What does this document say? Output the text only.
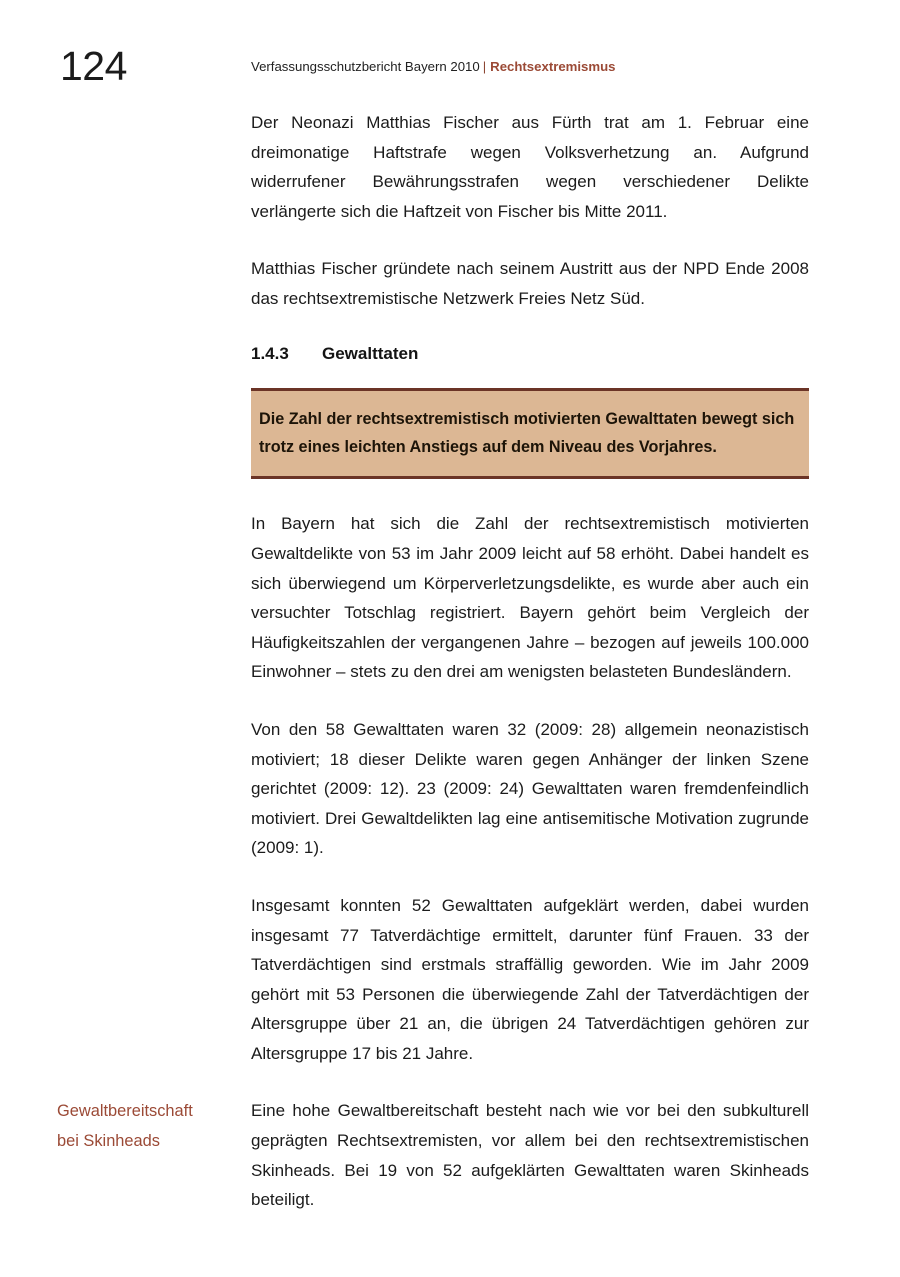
124	Verfassungsschutzbericht Bayern 2010 | Rechtsextremismus

Der Neonazi Matthias Fischer aus Fürth trat am 1. Februar eine dreimonatige Haftstrafe wegen Volksverhetzung an. Aufgrund widerrufener Bewährungsstrafen wegen verschiedener Delikte verlängerte sich die Haftzeit von Fischer bis Mitte 2011.

Matthias Fischer gründete nach seinem Austritt aus der NPD Ende 2008 das rechtsextremistische Netzwerk Freies Netz Süd.

1.4.3	Gewalttaten

Die Zahl der rechtsextremistisch motivierten Gewalttaten bewegt sich trotz eines leichten Anstiegs auf dem Niveau des Vorjahres.

In Bayern hat sich die Zahl der rechtsextremistisch motivierten Gewaltdelikte von 53 im Jahr 2009 leicht auf 58 erhöht. Dabei handelt es sich überwiegend um Körperverletzungsdelikte, es wurde aber auch ein versuchter Totschlag registriert. Bayern gehört beim Vergleich der Häufigkeitszahlen der vergangenen Jahre – bezogen auf jeweils 100.000 Einwohner – stets zu den drei am wenigsten belasteten Bundesländern.

Von den 58 Gewalttaten waren 32 (2009: 28) allgemein neonazistisch motiviert; 18 dieser Delikte waren gegen Anhänger der linken Szene gerichtet (2009: 12). 23 (2009: 24) Gewalttaten waren fremdenfeindlich motiviert. Drei Gewaltdelikten lag eine antisemitische Motivation zugrunde (2009: 1).

Insgesamt konnten 52 Gewalttaten aufgeklärt werden, dabei wurden insgesamt 77 Tatverdächtige ermittelt, darunter fünf Frauen. 33 der Tatverdächtigen sind erstmals straffällig geworden. Wie im Jahr 2009 gehört mit 53 Personen die überwiegende Zahl der Tatverdächtigen der Altersgruppe über 21 an, die übrigen 24 Tatverdächtigen gehören zur Altersgruppe 17 bis 21 Jahre.

Gewaltbereitschaft
bei Skinheads

Eine hohe Gewaltbereitschaft besteht nach wie vor bei den subkulturell geprägten Rechtsextremisten, vor allem bei den rechtsextremistischen Skinheads. Bei 19 von 52 aufgeklärten Gewalttaten waren Skinheads beteiligt.
